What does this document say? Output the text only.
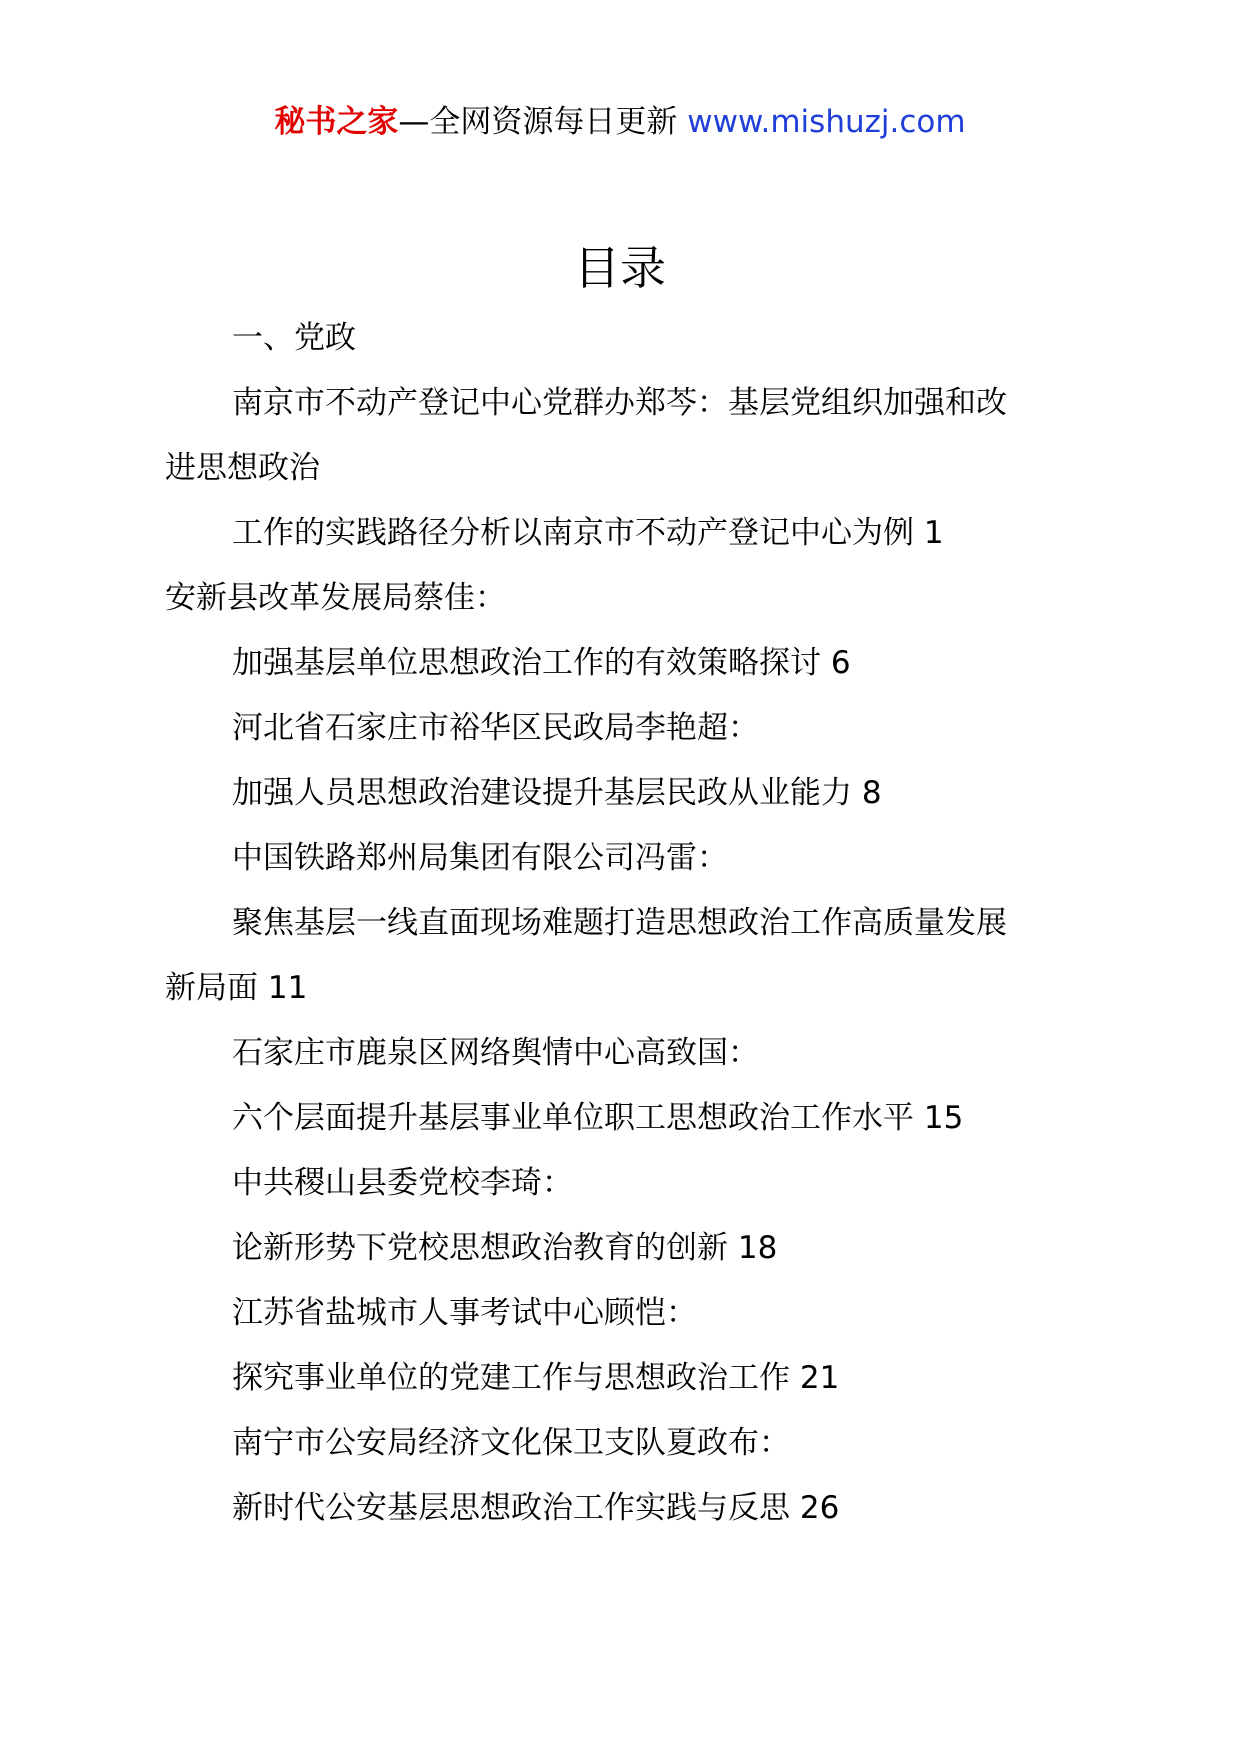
秘书之家—全网资源每日更新 www.mishuzj.com
目录
一、党政
南京市不动产登记中心党群办郑芩：基层党组织加强和改
进思想政治
工作的实践路径分析以南京市不动产登记中心为例 1
安新县改革发展局蔡佳：
加强基层单位思想政治工作的有效策略探讨 6
河北省石家庄市裕华区民政局李艳超：
加强人员思想政治建设提升基层民政从业能力 8
中国铁路郑州局集团有限公司冯雷：
聚焦基层一线直面现场难题打造思想政治工作高质量发展
新局面 11
石家庄市鹿泉区网络舆情中心高致国：
六个层面提升基层事业单位职工思想政治工作水平 15
中共稷山县委党校李琦：
论新形势下党校思想政治教育的创新 18
江苏省盐城市人事考试中心顾恺：
探究事业单位的党建工作与思想政治工作 21
南宁市公安局经济文化保卫支队夏政布：
新时代公安基层思想政治工作实践与反思 26
